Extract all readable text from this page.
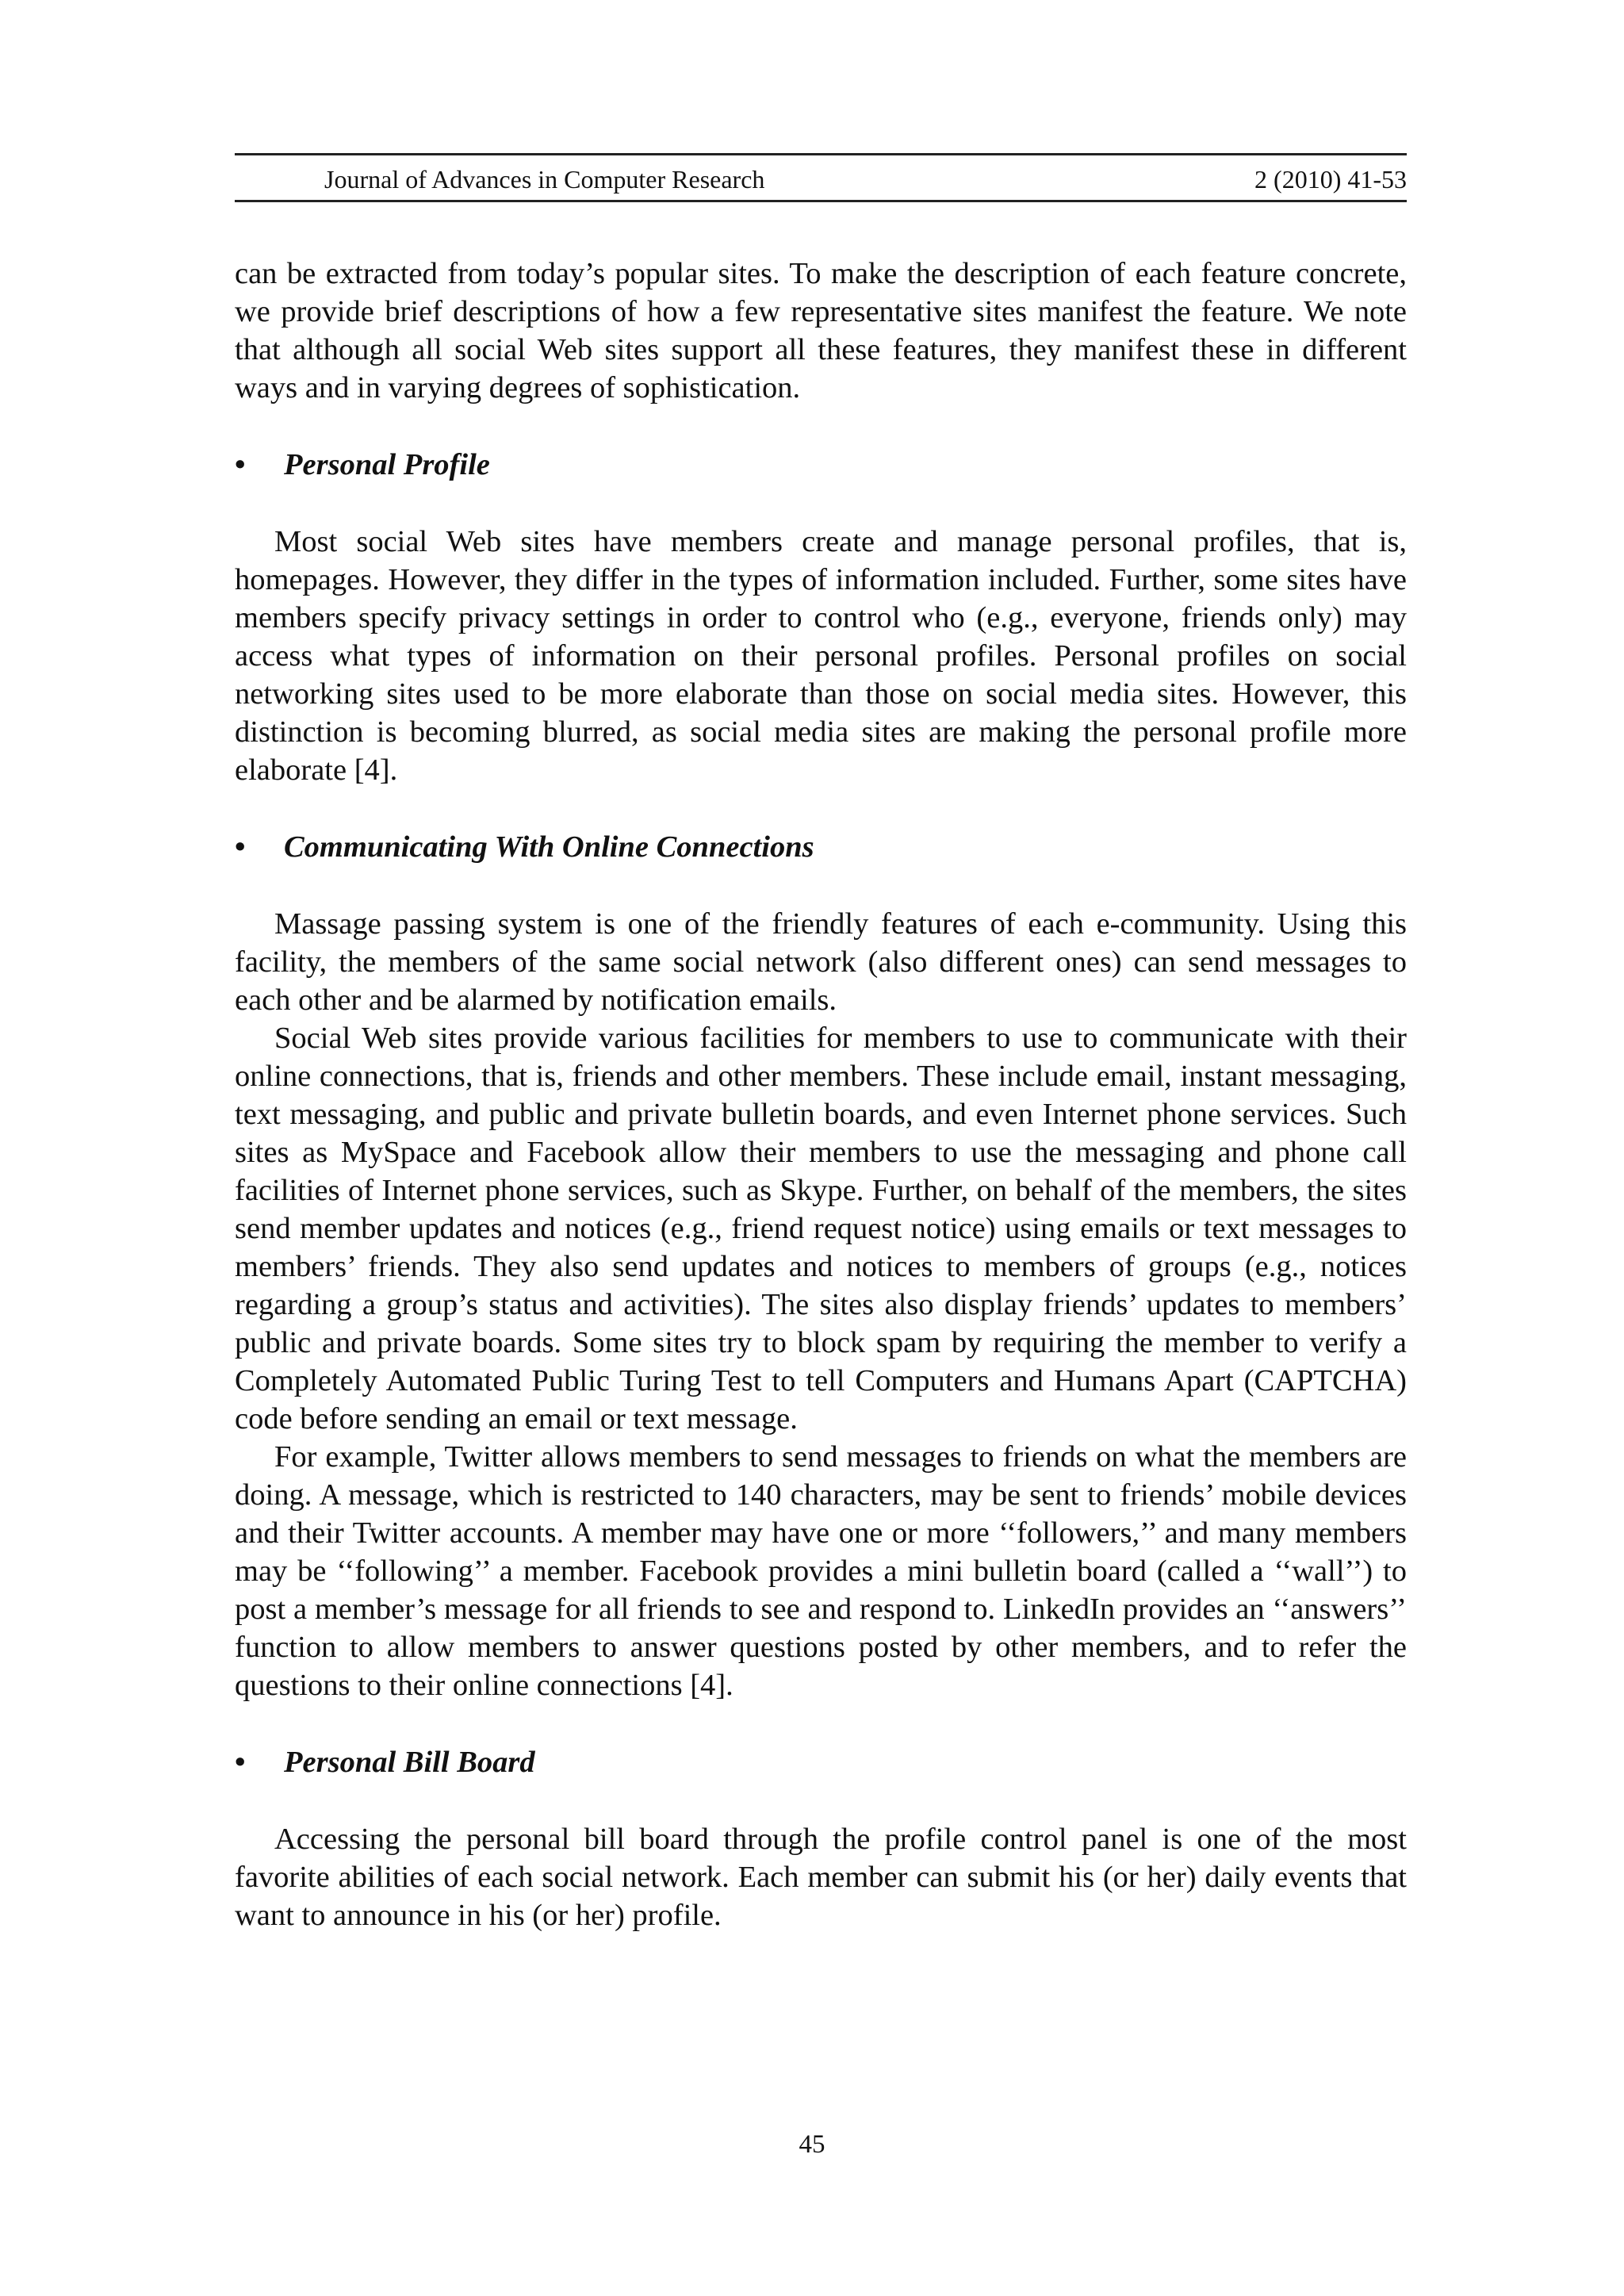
Journal of Advances in Computer Research	2 (2010) 41-53

can be extracted from today’s popular sites. To make the description of each feature concrete, we provide brief descriptions of how a few representative sites manifest the feature. We note that although all social Web sites support all these features, they manifest these in different ways and in varying degrees of sophistication.

• Personal Profile

Most social Web sites have members create and manage personal profiles, that is, homepages. However, they differ in the types of information included. Further, some sites have members specify privacy settings in order to control who (e.g., everyone, friends only) may access what types of information on their personal profiles. Personal profiles on social networking sites used to be more elaborate than those on social media sites. However, this distinction is becoming blurred, as social media sites are making the personal profile more elaborate [4].

• Communicating With Online Connections

Massage passing system is one of the friendly features of each e-community. Using this facility, the members of the same social network (also different ones) can send messages to each other and be alarmed by notification emails.

Social Web sites provide various facilities for members to use to communicate with their online connections, that is, friends and other members. These include email, instant messaging, text messaging, and public and private bulletin boards, and even Internet phone services. Such sites as MySpace and Facebook allow their members to use the messaging and phone call facilities of Internet phone services, such as Skype. Further, on behalf of the members, the sites send member updates and notices (e.g., friend request notice) using emails or text messages to members’ friends. They also send updates and notices to members of groups (e.g., notices regarding a group’s status and activities). The sites also display friends’ updates to members’ public and private boards. Some sites try to block spam by requiring the member to verify a Completely Automated Public Turing Test to tell Computers and Humans Apart (CAPTCHA) code before sending an email or text message.

For example, Twitter allows members to send messages to friends on what the members are doing. A message, which is restricted to 140 characters, may be sent to friends’ mobile devices and their Twitter accounts. A member may have one or more ‘‘followers,’’ and many members may be ‘‘following’’ a member. Facebook provides a mini bulletin board (called a ‘‘wall’’) to post a member’s message for all friends to see and respond to. LinkedIn provides an ‘‘answers’’ function to allow members to answer questions posted by other members, and to refer the questions to their online connections [4].

• Personal Bill Board

Accessing the personal bill board through the profile control panel is one of the most favorite abilities of each social network. Each member can submit his (or her) daily events that want to announce in his (or her) profile.

45
